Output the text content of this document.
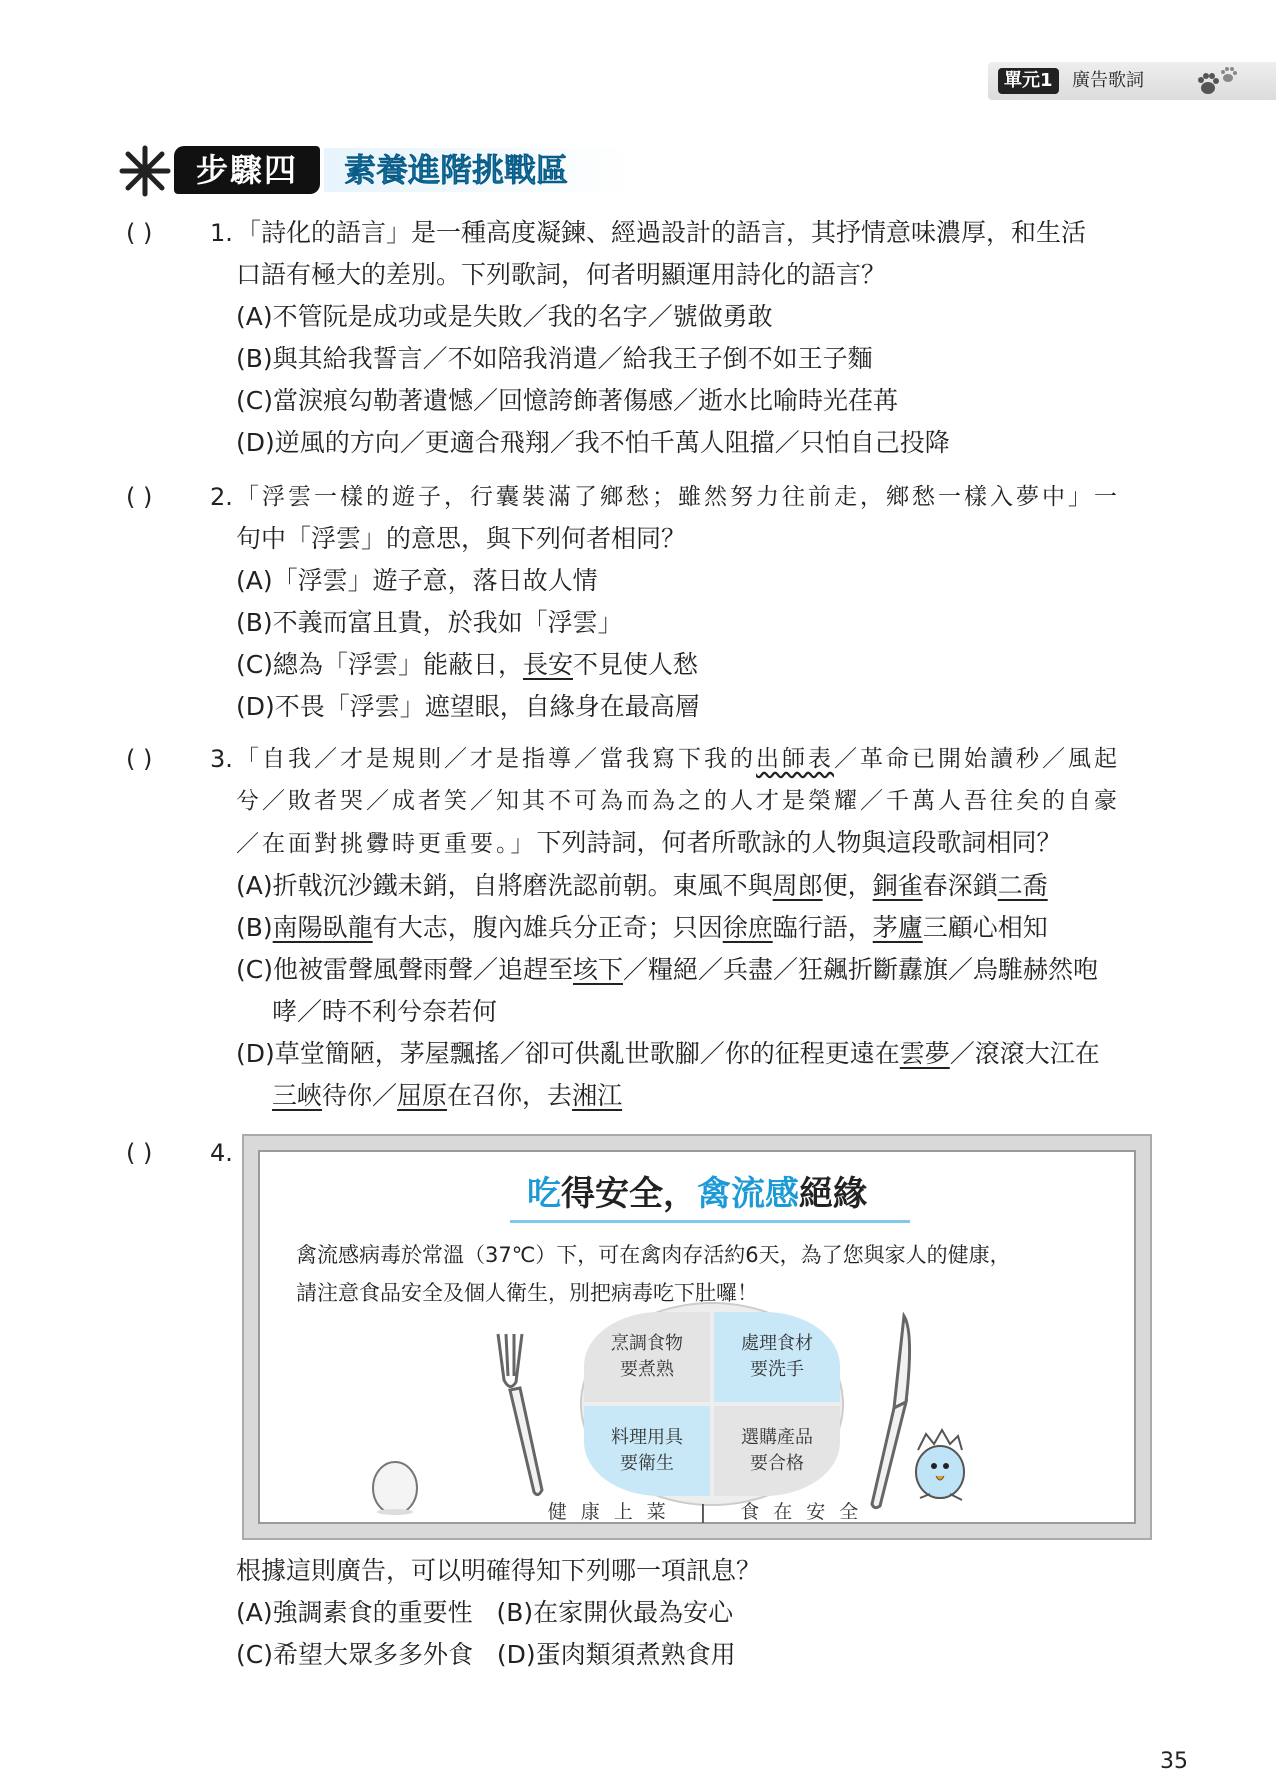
單元1	廣告歌詞
步驟四	素養進階挑戰區
( ) 1. 「詩化的語言」是一種高度凝鍊、經過設計的語言，其抒情意味濃厚，和生活

口語有極大的差別。下列歌詞，何者明顯運用詩化的語言？

(A)不管阮是成功或是失敗／我的名字／號做勇敢

(B)與其給我誓言／不如陪我消遣／給我王子倒不如王子麵

(C)當淚痕勾勒著遺憾／回憶誇飾著傷感／逝水比喻時光荏苒

(D)逆風的方向／更適合飛翔／我不怕千萬人阻擋／只怕自己投降

( ) 2. 「浮雲一樣的遊子，行囊裝滿了鄉愁；雖然努力往前走，鄉愁一樣入夢中」一

句中「浮雲」的意思，與下列何者相同？

(A)「浮雲」遊子意，落日故人情

(B)不義而富且貴，於我如「浮雲」

(C)總為「浮雲」能蔽日，長安不見使人愁

(D)不畏「浮雲」遮望眼，自緣身在最高層

( ) 3. 「自我／才是規則／才是指導／當我寫下我的出師表／革命已開始讀秒／風起

兮／敗者哭／成者笑／知其不可為而為之的人才是榮耀／千萬人吾往矣的自豪

／在面對挑釁時更重要。」下列詩詞，何者所歌詠的人物與這段歌詞相同？

(A)折戟沉沙鐵未銷，自將磨洗認前朝。東風不與周郎便，銅雀春深鎖二喬

(B)南陽臥龍有大志，腹內雄兵分正奇；只因徐庶臨行語，茅廬三顧心相知

(C)他被雷聲風聲雨聲／追趕至垓下／糧絕／兵盡／狂飆折斷纛旗／烏騅赫然咆

哮／時不利兮奈若何

(D)草堂簡陋，茅屋飄搖／卻可供亂世歌腳／你的征程更遠在雲夢／滾滾大江在

三峽待你／屈原在召你，去湘江

( ) 4.
吃得安全，禽流感絕緣
禽流感病毒於常溫（37℃）下，可在禽肉存活約6天，為了您與家人的健康，
請注意食品安全及個人衛生，別把病毒吃下肚囉！
烹調食物
要煮熟
處理食材
要洗手
料理用具
要衛生
選購產品
要合格
健康上菜 | 食在安全

根據這則廣告，可以明確得知下列哪一項訊息？

(A)強調素食的重要性 (B)在家開伙最為安心

(C)希望大眾多多外食 (D)蛋肉類須煮熟食用

35
